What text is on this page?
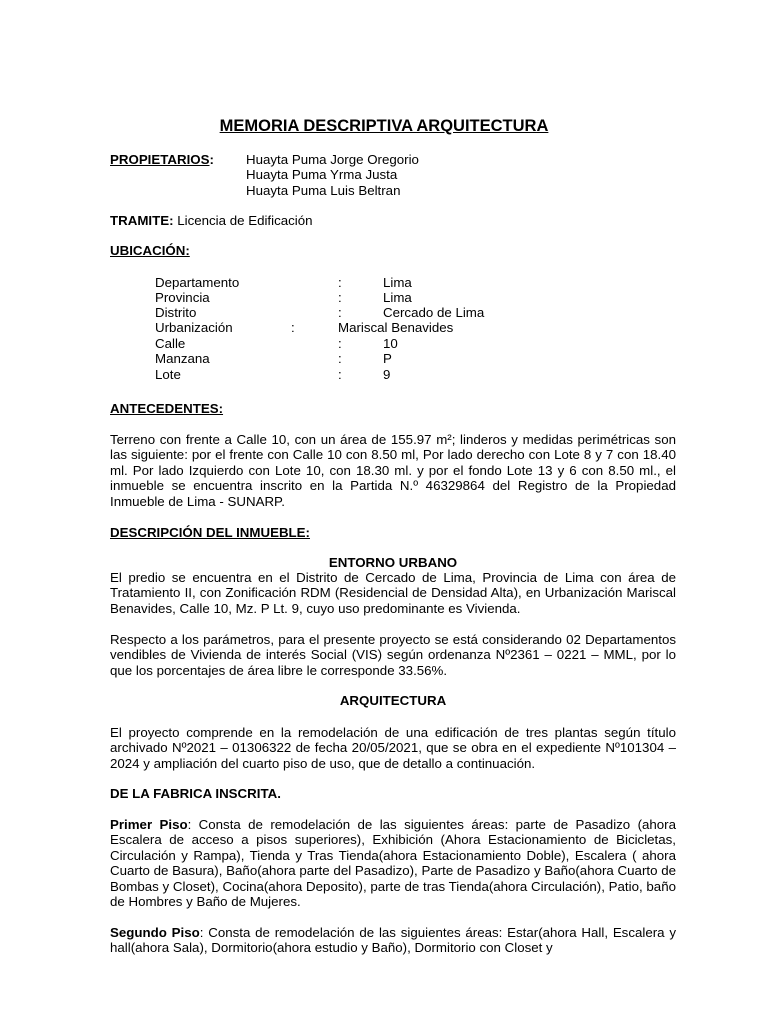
MEMORIA DESCRIPTIVA ARQUITECTURA
PROPIETARIOS: Huayta Puma Jorge Oregorio
Huayta Puma Yrma Justa
Huayta Puma Luis Beltran
TRAMITE: Licencia de Edificación
UBICACIÓN:
Departamento	:	Lima
Provincia	:	Lima
Distrito	:	Cercado de Lima
Urbanización	:	Mariscal Benavides
Calle	:	10
Manzana	:	P
Lote	:	9
ANTECEDENTES:
Terreno con frente a Calle 10, con un área de 155.97 m²; linderos y medidas perimétricas son las siguiente: por el frente con Calle 10 con 8.50 ml, Por lado derecho con Lote 8 y 7 con 18.40 ml. Por lado Izquierdo con Lote 10, con 18.30 ml. y por el fondo Lote 13 y 6 con 8.50 ml., el inmueble se encuentra inscrito en la Partida N.º 46329864 del Registro de la Propiedad Inmueble de Lima - SUNARP.
DESCRIPCIÓN DEL INMUEBLE:
ENTORNO URBANO
El predio se encuentra en el Distrito de Cercado de Lima, Provincia de Lima con área de Tratamiento II, con Zonificación RDM (Residencial de Densidad Alta), en Urbanización Mariscal Benavides, Calle 10, Mz. P Lt. 9, cuyo uso predominante es Vivienda.
Respecto a los parámetros, para el presente proyecto se está considerando 02 Departamentos vendibles de Vivienda de interés Social (VIS) según ordenanza Nº2361 – 0221 – MML, por lo que los porcentajes de área libre le corresponde 33.56%.
ARQUITECTURA
El proyecto comprende en la remodelación de una edificación de tres plantas según título archivado Nº2021 – 01306322 de fecha 20/05/2021, que se obra en el expediente Nº101304 – 2024 y ampliación del cuarto piso de uso, que de detallo a continuación.
DE LA FABRICA INSCRITA.
Primer Piso: Consta de remodelación de las siguientes áreas: parte de Pasadizo (ahora Escalera de acceso a pisos superiores), Exhibición (Ahora Estacionamiento de Bicicletas, Circulación y Rampa), Tienda y Tras Tienda(ahora Estacionamiento Doble), Escalera ( ahora Cuarto de Basura), Baño(ahora parte del Pasadizo), Parte de Pasadizo y Baño(ahora Cuarto de Bombas y Closet), Cocina(ahora Deposito), parte de tras Tienda(ahora Circulación), Patio, baño de Hombres y Baño de Mujeres.
Segundo Piso: Consta de remodelación de las siguientes áreas: Estar(ahora Hall, Escalera y hall(ahora Sala), Dormitorio(ahora estudio y Baño), Dormitorio con Closet y
